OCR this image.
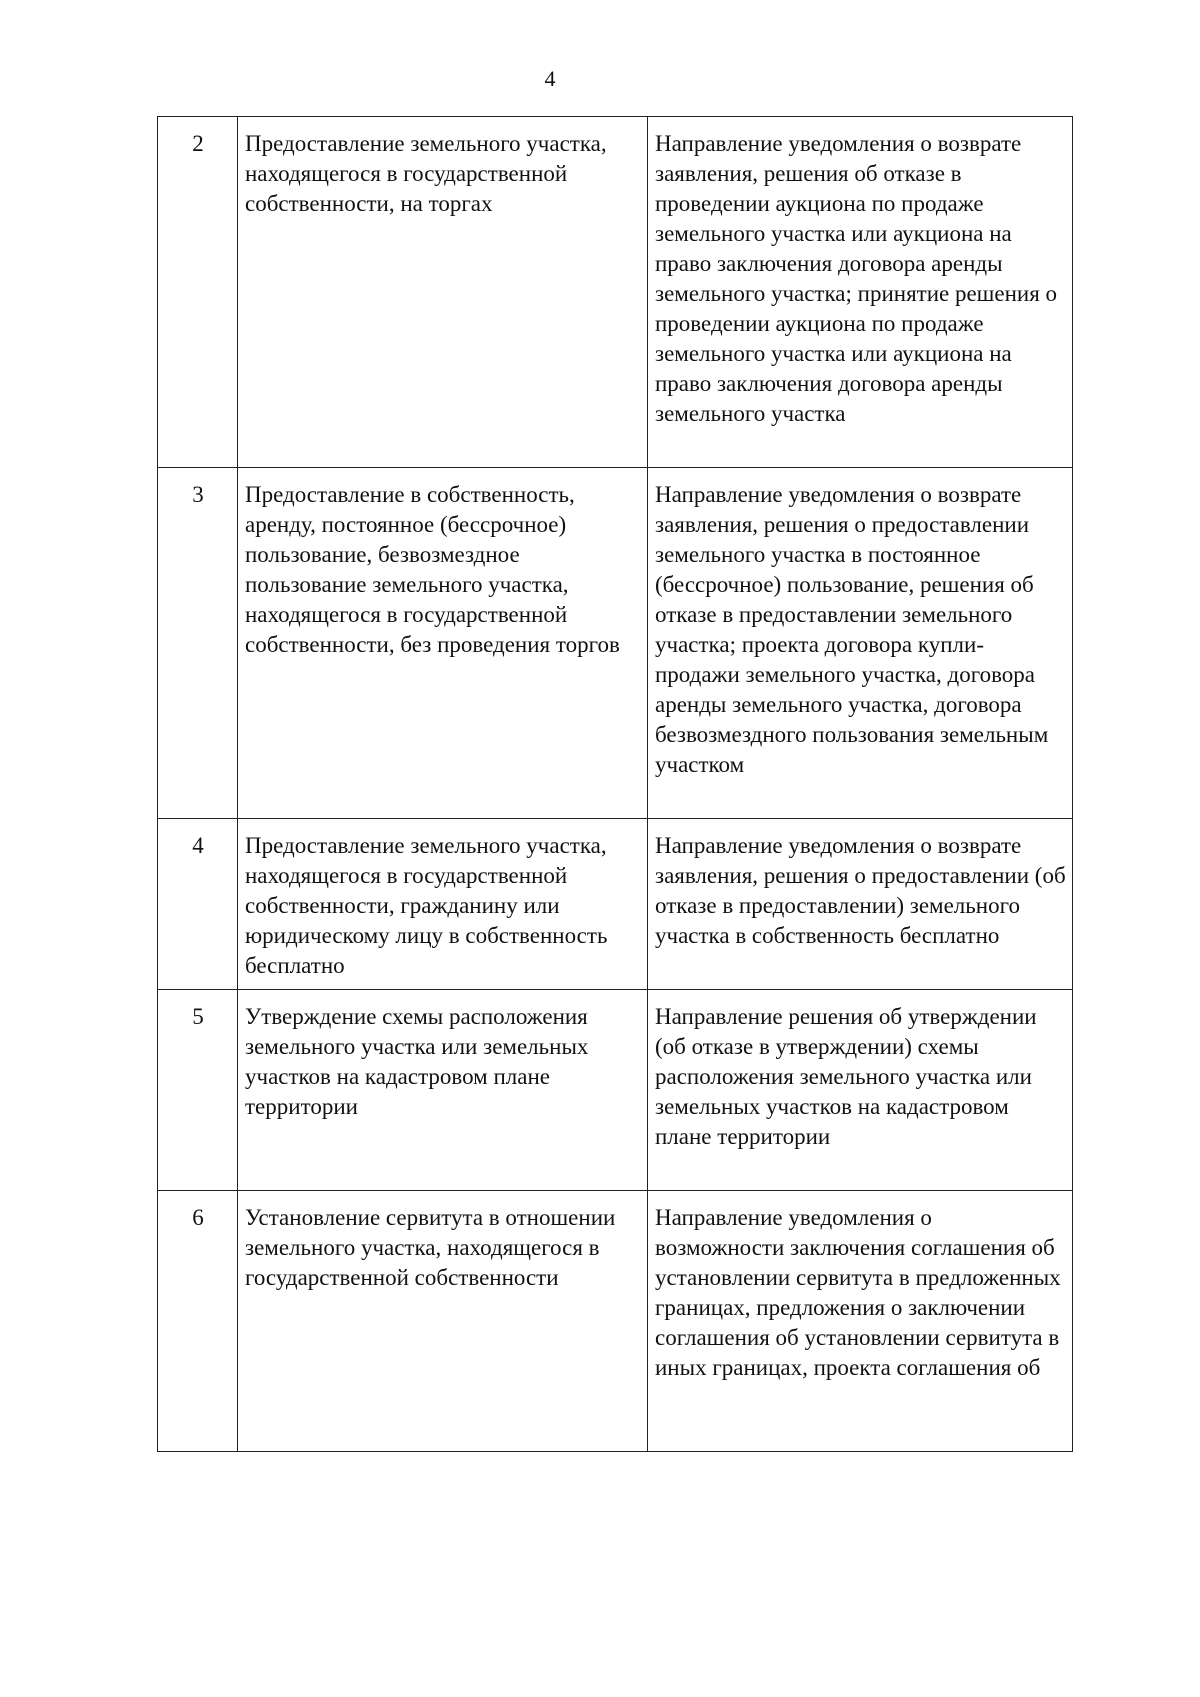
4
2	Предоставление земельного участка, находящегося в государственной собственности, на торгах	Направление уведомления о возврате заявления, решения об отказе в проведении аукциона по продаже земельного участка или аукциона на право заключения договора аренды земельного участка; принятие решения о проведении аукциона по продаже земельного участка или аукциона на право заключения договора аренды земельного участка
3	Предоставление в собственность, аренду, постоянное (бессрочное) пользование, безвозмездное пользование земельного участка, находящегося в государственной собственности, без проведения торгов	Направление уведомления о возврате заявления, решения о предоставлении земельного участка в постоянное (бессрочное) пользование, решения об отказе в предоставлении земельного участка; проекта договора купли-продажи земельного участка, договора аренды земельного участка, договора безвозмездного пользования земельным участком
4	Предоставление земельного участка, находящегося в государственной собственности, гражданину или юридическому лицу в собственность бесплатно	Направление уведомления о возврате заявления, решения о предоставлении (об отказе в предоставлении) земельного участка в собственность бесплатно
5	Утверждение схемы расположения земельного участка или земельных участков на кадастровом плане территории	Направление решения об утверждении (об отказе в утверждении) схемы расположения земельного участка или земельных участков на кадастровом плане территории
6	Установление сервитута в отношении земельного участка, находящегося в государственной собственности	Направление уведомления о возможности заключения соглашения об установлении сервитута в предложенных границах, предложения о заключении соглашения об установлении сервитута в иных границах, проекта соглашения об
